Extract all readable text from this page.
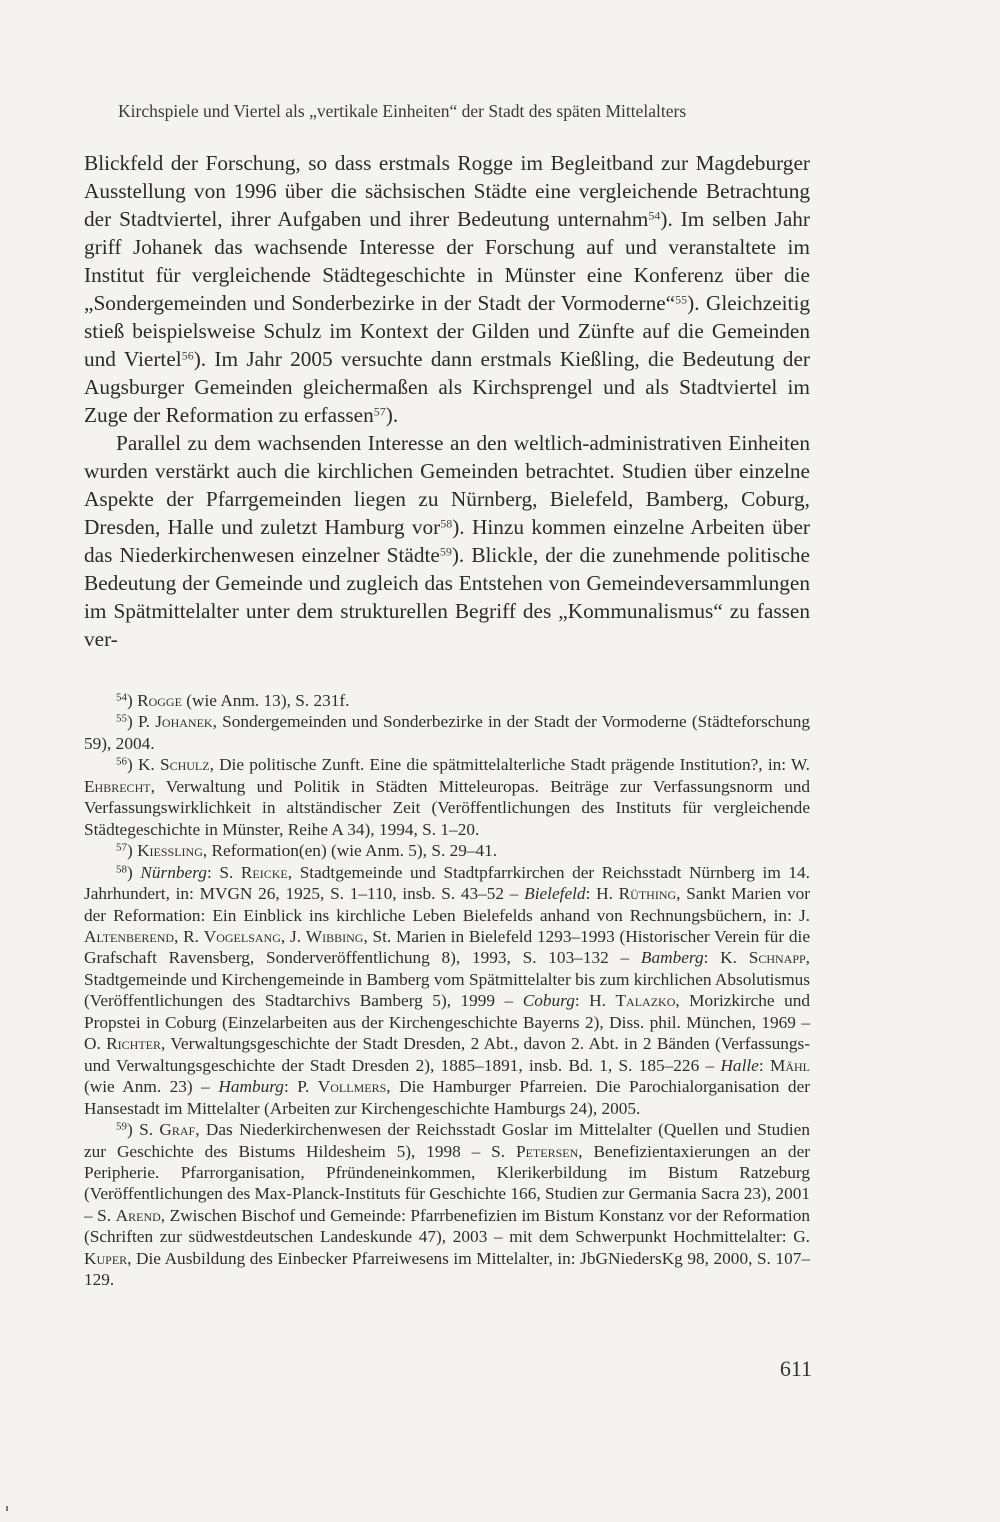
Kirchspiele und Viertel als „vertikale Einheiten“ der Stadt des späten Mittelalters

Blickfeld der Forschung, so dass erstmals Rogge im Begleitband zur Magdeburger Ausstellung von 1996 über die sächsischen Städte eine vergleichende Betrachtung der Stadtviertel, ihrer Aufgaben und ihrer Bedeutung unternahm$^{54}$). Im selben Jahr griff Johanek das wachsende Interesse der Forschung auf und veranstaltete im Institut für vergleichende Städtegeschichte in Münster eine Konferenz über die „Sondergemeinden und Sonderbezirke in der Stadt der Vormoderne“$^{55}$). Gleichzeitig stieß beispielsweise Schulz im Kontext der Gilden und Zünfte auf die Gemeinden und Viertel$^{56}$). Im Jahr 2005 versuchte dann erstmals Kießling, die Bedeutung der Augsburger Gemeinden gleichermaßen als Kirchsprengel und als Stadtviertel im Zuge der Reformation zu erfassen$^{57}$).

Parallel zu dem wachsenden Interesse an den weltlich-administrativen Einheiten wurden verstärkt auch die kirchlichen Gemeinden betrachtet. Studien über einzelne Aspekte der Pfarrgemeinden liegen zu Nürnberg, Bielefeld, Bamberg, Coburg, Dresden, Halle und zuletzt Hamburg vor$^{58}$). Hinzu kommen einzelne Arbeiten über das Niederkirchenwesen einzelner Städte$^{59}$). Blickle, der die zunehmende politische Bedeutung der Gemeinde und zugleich das Entstehen von Gemeindeversammlungen im Spätmittelalter unter dem strukturellen Begriff des „Kommunalismus“ zu fassen ver-

$^{54}$) Rogge (wie Anm. 13), S. 231f.

$^{55}$) P. Johanek, Sondergemeinden und Sonderbezirke in der Stadt der Vormoderne (Städteforschung 59), 2004.

$^{56}$) K. Schulz, Die politische Zunft. Eine die spätmittelalterliche Stadt prägende Institution?, in: W. Ehbrecht, Verwaltung und Politik in Städten Mitteleuropas. Beiträge zur Verfassungsnorm und Verfassungswirklichkeit in altständischer Zeit (Veröffentlichungen des Instituts für vergleichende Städtegeschichte in Münster, Reihe A 34), 1994, S. 1–20.

$^{57}$) Kießling, Reformation(en) (wie Anm. 5), S. 29–41.

$^{58}$) Nürnberg: S. Reicke, Stadtgemeinde und Stadtpfarrkirchen der Reichsstadt Nürnberg im 14. Jahrhundert, in: MVGN 26, 1925, S. 1–110, insb. S. 43–52 – Bielefeld: H. Rüthing, Sankt Marien vor der Reformation: Ein Einblick ins kirchliche Leben Bielefelds anhand von Rechnungsbüchern, in: J. Altenberend, R. Vogelsang, J. Wibbing, St. Marien in Bielefeld 1293–1993 (Historischer Verein für die Grafschaft Ravensberg, Sonderveröffentlichung 8), 1993, S. 103–132 – Bamberg: K. Schnapp, Stadtgemeinde und Kirchengemeinde in Bamberg vom Spätmittelalter bis zum kirchlichen Absolutismus (Veröffentlichungen des Stadtarchivs Bamberg 5), 1999 – Coburg: H. Talazko, Morizkirche und Propstei in Coburg (Einzelarbeiten aus der Kirchengeschichte Bayerns 2), Diss. phil. München, 1969 – O. Richter, Verwaltungsgeschichte der Stadt Dresden, 2 Abt., davon 2. Abt. in 2 Bänden (Verfassungs- und Verwaltungsgeschichte der Stadt Dresden 2), 1885–1891, insb. Bd. 1, S. 185–226 – Halle: Mähl (wie Anm. 23) – Hamburg: P. Vollmers, Die Hamburger Pfarreien. Die Parochialorganisation der Hansestadt im Mittelalter (Arbeiten zur Kirchengeschichte Hamburgs 24), 2005.

$^{59}$) S. Graf, Das Niederkirchenwesen der Reichsstadt Goslar im Mittelalter (Quellen und Studien zur Geschichte des Bistums Hildesheim 5), 1998 – S. Petersen, Benefizientaxierungen an der Peripherie. Pfarrorganisation, Pfründeneinkommen, Klerikerbildung im Bistum Ratzeburg (Veröffentlichungen des Max-Planck-Instituts für Geschichte 166, Studien zur Germania Sacra 23), 2001 – S. Arend, Zwischen Bischof und Gemeinde: Pfarrbenefizien im Bistum Konstanz vor der Reformation (Schriften zur südwestdeutschen Landeskunde 47), 2003 – mit dem Schwerpunkt Hochmittelalter: G. Kuper, Die Ausbildung des Einbecker Pfarreiwesens im Mittelalter, in: JbGNiedersKg 98, 2000, S. 107–129.

611
